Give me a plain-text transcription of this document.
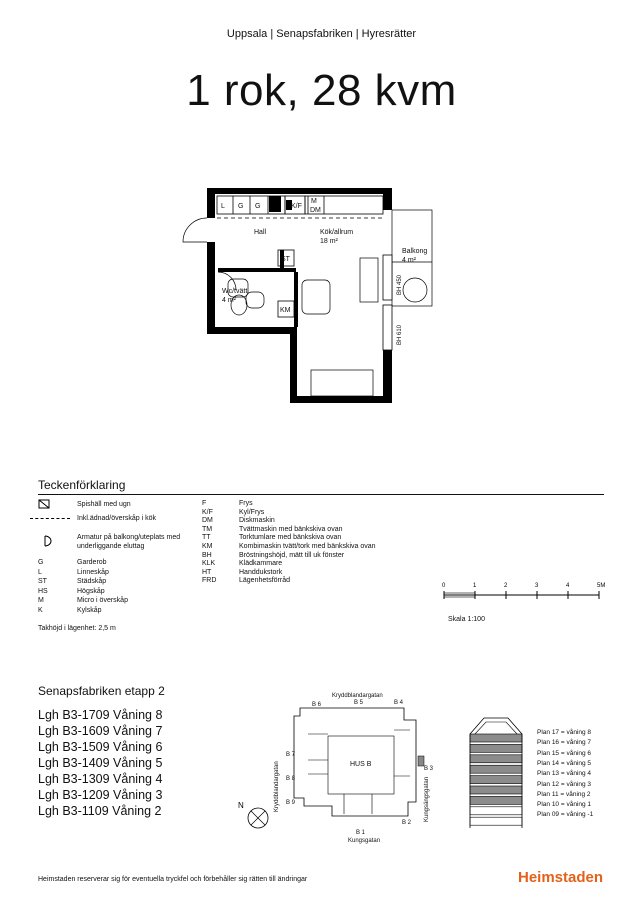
Uppsala | Senapsfabriken | Hyresrätter
1 rok, 28 kvm
L G G	K/F
M
DM
ST
KM
Hall	Kök/allrum
18 m²
Balkong
4 m²
Wc/tvätt
4 m²
BH 450
BH 610
Teckenförklaring
Spishäll med ugn
Inkl.ädnad/överskåp i kök
Armatur på balkong/uteplats med underliggande eluttag
G	Garderob
L	Linneskåp
ST	Städskåp
HS	Högskåp
M	Micro i överskåp
K	Kylskåp
F	Frys
K/F	Kyl/Frys
DM	Diskmaskin
TM	Tvättmaskin med bänkskiva ovan
TT	Torktumlare med bänkskiva ovan
KM	Kombimaskin tvätt/tork med bänkskiva ovan
BH	Bröstningshöjd, mätt till uk fönster
KLK	Klädkammare
HT	Handdukstork
FRD	Lägenhetsförråd
Takhöjd i lägenhet: 2,5 m
0	1	2	3	4	5M
Skala 1:100
Senapsfabriken etapp 2
Lgh B3-1709 Våning 8
Lgh B3-1609 Våning 7
Lgh B3-1509 Våning 6
Lgh B3-1409 Våning 5
Lgh B3-1309 Våning 4
Lgh B3-1209 Våning 3
Lgh B3-1109 Våning 2
HUS B
Kryddblandargatan
Kungsgatan
Kryddblandargatan	Kungsängsgatan
B 6	B 5	B 4
B 7
B 3
B 8
B 9
B 1
B 2
N
Plan 17 = våning 8
Plan 16 = våning 7
Plan 15 = våning 6
Plan 14 = våning 5
Plan 13 = våning 4
Plan 12 = våning 3
Plan 11 = våning 2
Plan 10 = våning 1
Plan 09 = våning -1
Heimstaden reserverar sig för eventuella tryckfel och förbehåller sig rätten till ändringar	Heimstaden
